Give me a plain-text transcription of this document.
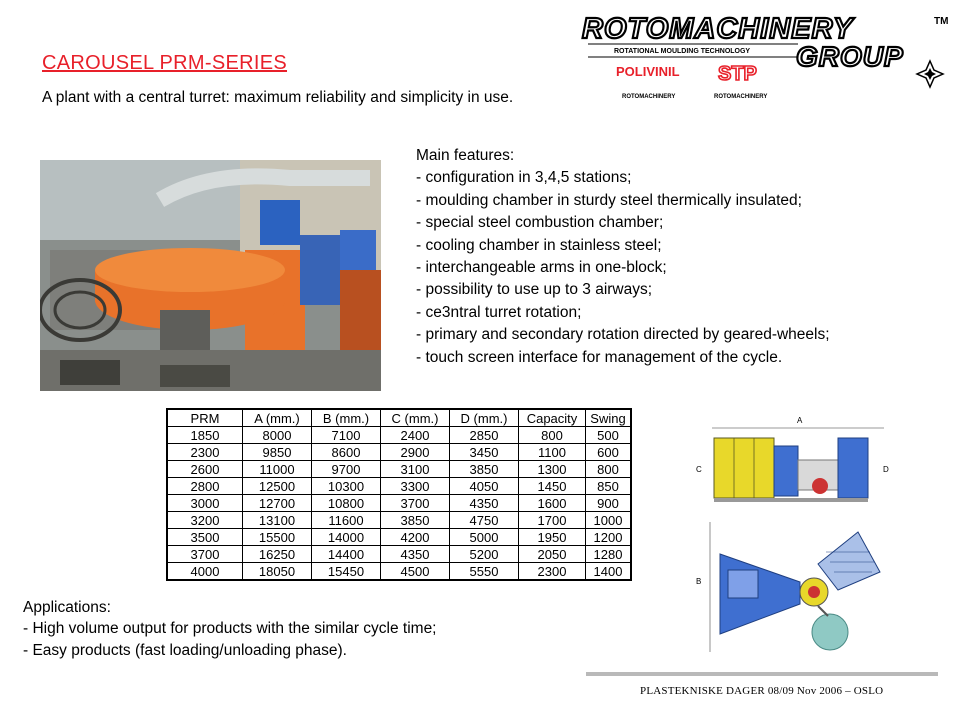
CAROUSEL PRM-SERIES
A plant with a central turret: maximum reliability and simplicity in use.
ROTOMACHINERY	TM
ROTATIONAL MOULDING TECHNOLOGY GROUP
POLIVINIL
ROTOMACHINERY
STP
ROTOMACHINERY
Main features:
- configuration in 3,4,5 stations;
- moulding chamber in sturdy steel thermically insulated;
- special steel combustion chamber;
- cooling chamber in stainless steel;
- interchangeable arms in one-block;
- possibility to use up to 3 airways;
- ce3ntral turret rotation;
- primary and secondary rotation directed by geared-wheels;
- touch screen interface for management of the cycle.
PRM	A (mm.)	B (mm.)	C (mm.)	D (mm.)	Capacity	Swing
1850	8000	7100	2400	2850	800	500
2300	9850	8600	2900	3450	1100	600
2600	11000	9700	3100	3850	1300	800
2800	12500	10300	3300	4050	1450	850
3000	12700	10800	3700	4350	1600	900
3200	13100	11600	3850	4750	1700	1000
3500	15500	14000	4200	5000	1950	1200
3700	16250	14400	4350	5200	2050	1280
4000	18050	15450	4500	5550	2300	1400
A
C	D
B
Applications:
- High volume output for products with the similar cycle time;
- Easy products (fast loading/unloading phase).
PLASTEKNISKE DAGER 08/09 Nov 2006 – OSLO
